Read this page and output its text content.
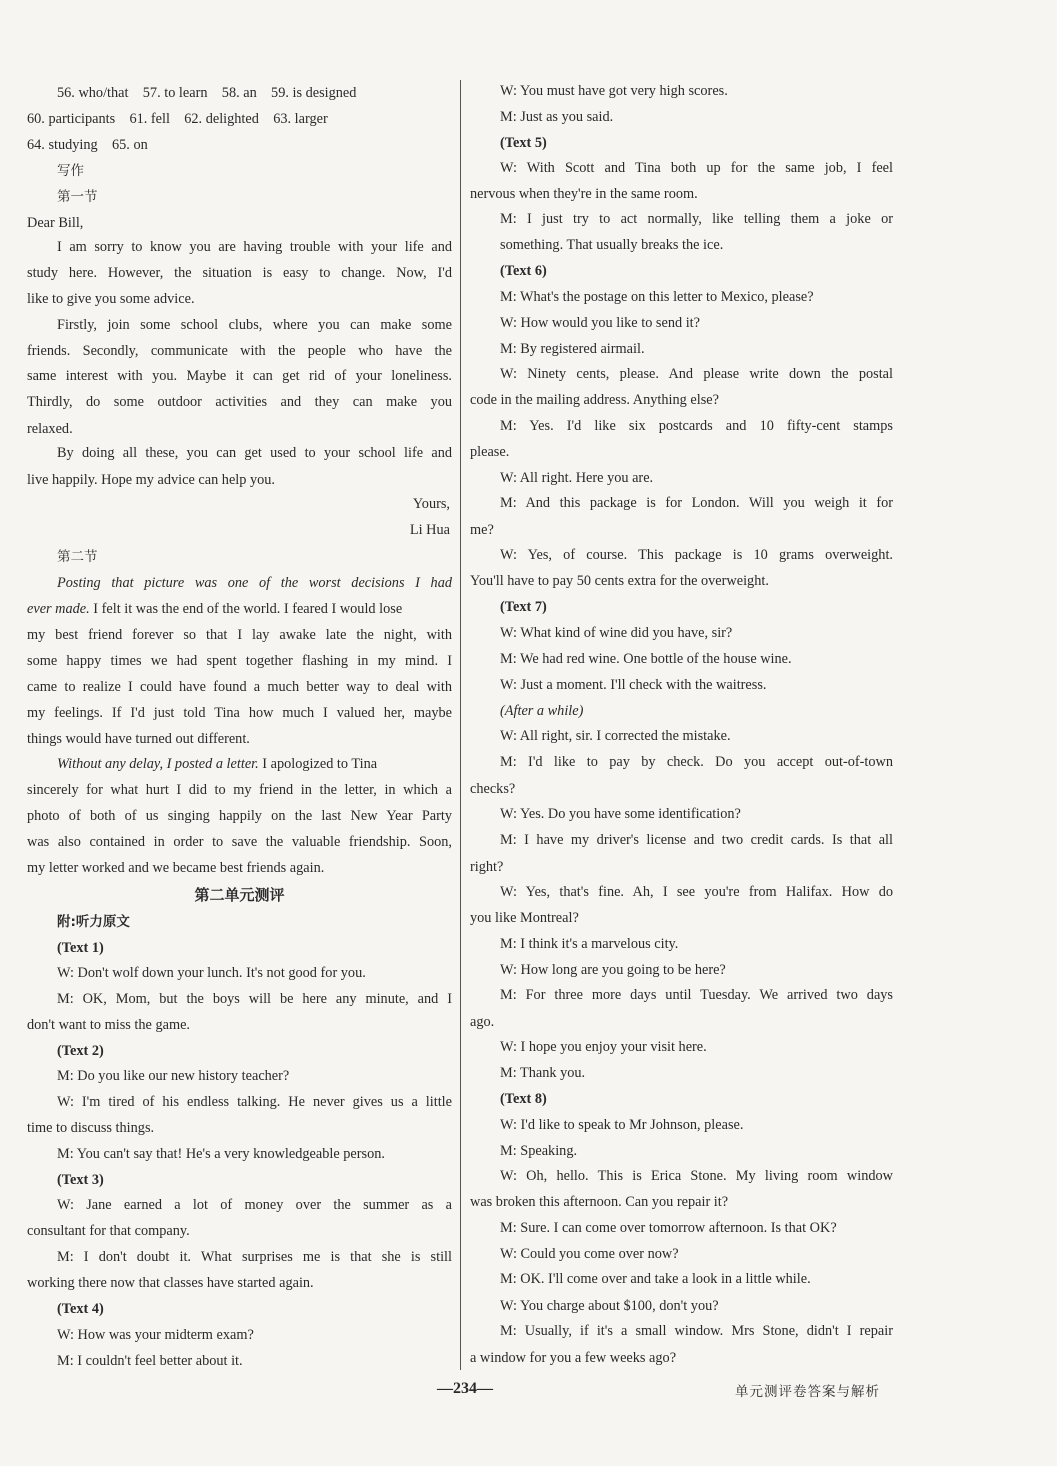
56. who/that 57. to learn 58. an 59. is designed
60. participants 61. fell 62. delighted 63. larger
64. studying 65. on
写作
第一节
Dear Bill,
I am sorry to know you are having trouble with your life and
study here. However, the situation is easy to change. Now, I'd
like to give you some advice.
Firstly, join some school clubs, where you can make some
friends. Secondly, communicate with the people who have the
same interest with you. Maybe it can get rid of your loneliness.
Thirdly, do some outdoor activities and they can make you
relaxed.
By doing all these, you can get used to your school life and
live happily. Hope my advice can help you.
Yours,
Li Hua
第二节
Posting that picture was one of the worst decisions I had
ever made. I felt it was the end of the world. I feared I would lose
my best friend forever so that I lay awake late the night, with
some happy times we had spent together flashing in my mind. I
came to realize I could have found a much better way to deal with
my feelings. If I'd just told Tina how much I valued her, maybe
things would have turned out different.
Without any delay, I posted a letter. I apologized to Tina
sincerely for what hurt I did to my friend in the letter, in which a
photo of both of us singing happily on the last New Year Party
was also contained in order to save the valuable friendship. Soon,
my letter worked and we became best friends again.
第二单元测评
附:听力原文
(Text 1)
W: Don't wolf down your lunch. It's not good for you.
M: OK, Mom, but the boys will be here any minute, and I
don't want to miss the game.
(Text 2)
M: Do you like our new history teacher?
W: I'm tired of his endless talking. He never gives us a little
time to discuss things.
M: You can't say that! He's a very knowledgeable person.
(Text 3)
W: Jane earned a lot of money over the summer as a
consultant for that company.
M: I don't doubt it. What surprises me is that she is still
working there now that classes have started again.
(Text 4)
W: How was your midterm exam?
M: I couldn't feel better about it.
W: You must have got very high scores.
M: Just as you said.
(Text 5)
W: With Scott and Tina both up for the same job, I feel
nervous when they're in the same room.
M: I just try to act normally, like telling them a joke or
something. That usually breaks the ice.
(Text 6)
M: What's the postage on this letter to Mexico, please?
W: How would you like to send it?
M: By registered airmail.
W: Ninety cents, please. And please write down the postal
code in the mailing address. Anything else?
M: Yes. I'd like six postcards and 10 fifty-cent stamps
please.
W: All right. Here you are.
M: And this package is for London. Will you weigh it for
me?
W: Yes, of course. This package is 10 grams overweight.
You'll have to pay 50 cents extra for the overweight.
(Text 7)
W: What kind of wine did you have, sir?
M: We had red wine. One bottle of the house wine.
W: Just a moment. I'll check with the waitress.
(After a while)
W: All right, sir. I corrected the mistake.
M: I'd like to pay by check. Do you accept out-of-town
checks?
W: Yes. Do you have some identification?
M: I have my driver's license and two credit cards. Is that all
right?
W: Yes, that's fine. Ah, I see you're from Halifax. How do
you like Montreal?
M: I think it's a marvelous city.
W: How long are you going to be here?
M: For three more days until Tuesday. We arrived two days
ago.
W: I hope you enjoy your visit here.
M: Thank you.
(Text 8)
W: I'd like to speak to Mr Johnson, please.
M: Speaking.
W: Oh, hello. This is Erica Stone. My living room window
was broken this afternoon. Can you repair it?
M: Sure. I can come over tomorrow afternoon. Is that OK?
W: Could you come over now?
M: OK. I'll come over and take a look in a little while.
W: You charge about $100, don't you?
M: Usually, if it's a small window. Mrs Stone, didn't I repair
a window for you a few weeks ago?
—234—	单元测评卷答案与解析
